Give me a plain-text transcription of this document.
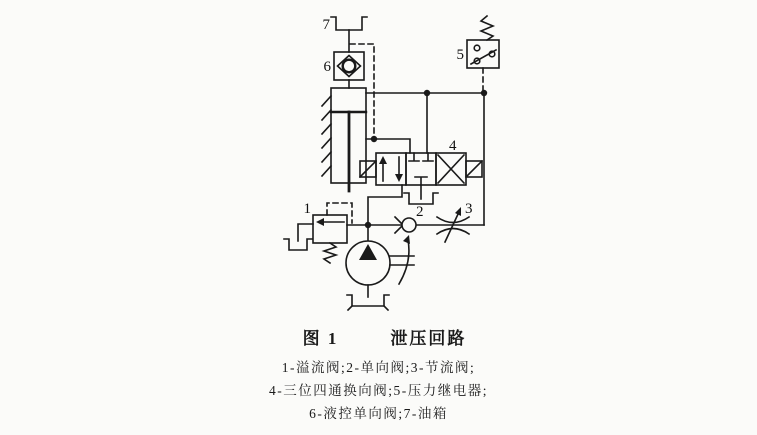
7
6
4
1	2	3
5
图 1	泄压回路
1-溢流阀;2-单向阀;3-节流阀;
4-三位四通换向阀;5-压力继电器;
6-液控单向阀;7-油箱
